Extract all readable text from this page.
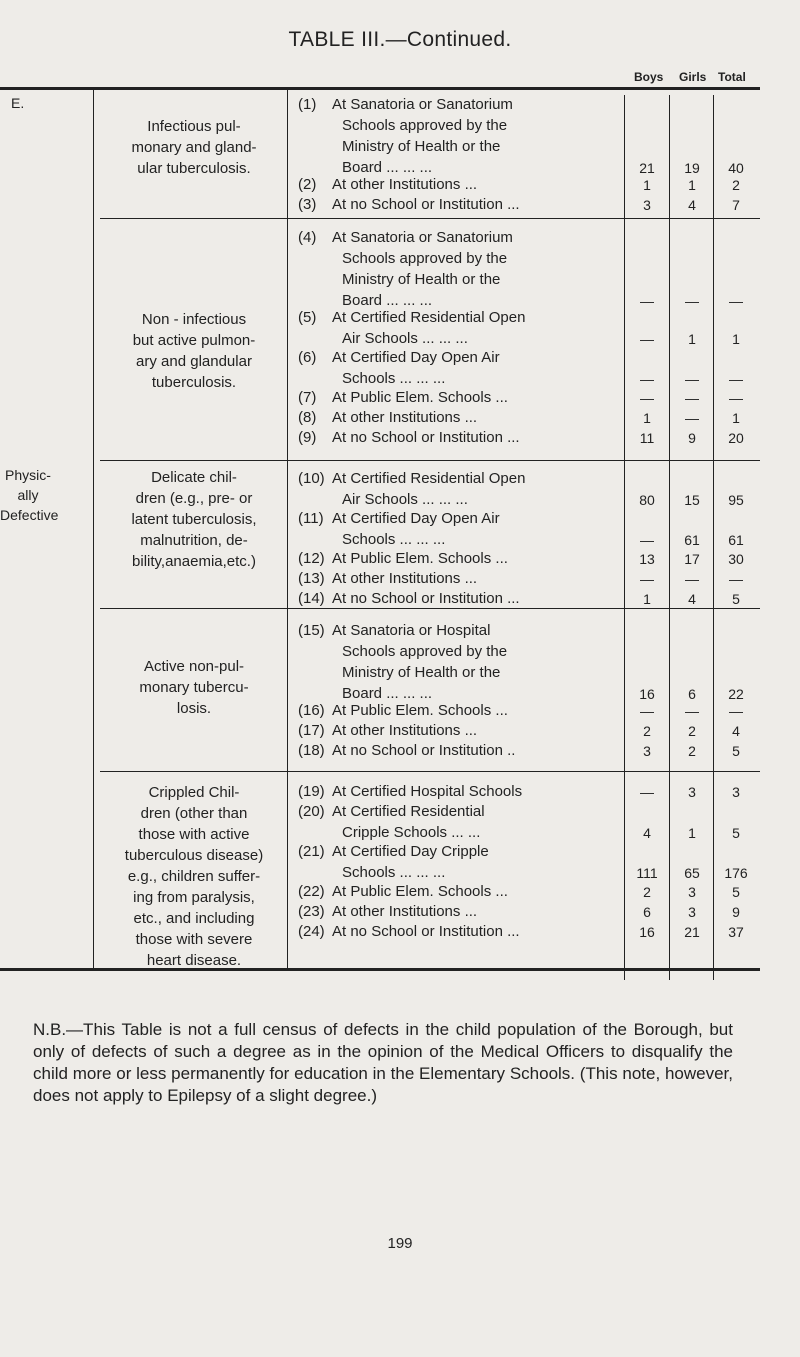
TABLE III.—Continued.
Boys Girls Total
E.
Physic-
ally
Defective
Infectious pul-
monary and gland-
ular tuberculosis.
Non - infectious
but active pulmon-
ary and glandular
tuberculosis.
Delicate chil-
dren (e.g., pre- or
latent tuberculosis,
malnutrition, de-
bility,anaemia,etc.)
Active non-pul-
monary tubercu-
losis.
Crippled Chil-
dren (other than
those with active
tuberculous disease)
e.g., children suffer-
ing from paralysis,
etc., and including
those with severe
heart disease.
(1) At Sanatoria or Sanatorium
Schools approved by the
Ministry of Health or the
Board ... ... ...	21	19	40
(2) At other Institutions ...	1	1	2
(3) At no School or Institution ...	3	4	7
(4) At Sanatoria or Sanatorium
Schools approved by the
Ministry of Health or the
Board ... ... ...	—	—	—
(5) At Certified Residential Open
Air Schools ... ... ...	—	1	1
(6) At Certified Day Open Air
Schools ... ... ...	—	—	—
(7) At Public Elem. Schools ...	—	—	—
(8) At other Institutions ...	1	—	1
(9) At no School or Institution ...	11	9	20
(10) At Certified Residential Open
Air Schools ... ... ...	80	15	95
(11) At Certified Day Open Air
Schools ... ... ...	—	61	61
(12) At Public Elem. Schools ...	13	17	30
(13) At other Institutions ...	—	—	—
(14) At no School or Institution ...	1	4	5
(15) At Sanatoria or Hospital
Schools approved by the
Ministry of Health or the
Board ... ... ...	16	6	22
(16) At Public Elem. Schools ...	—	—	—
(17) At other Institutions ...	2	2	4
(18) At no School or Institution ..	3	2	5
(19) At Certified Hospital Schools	—	3	3
(20) At Certified Residential
Cripple Schools ... ...	4	1	5
(21) At Certified Day Cripple
Schools ... ... ...	111	65	176
(22) At Public Elem. Schools ...	2	3	5
(23) At other Institutions ...	6	3	9
(24) At no School or Institution ...	16	21	37
N.B.—This Table is not a full census of defects in the child population of the Borough, but only of defects of such a degree as in the opinion of the Medical Officers to disqualify the child more or less permanently for education in the Elementary Schools. (This note, however, does not apply to Epilepsy of a slight degree.)
199
